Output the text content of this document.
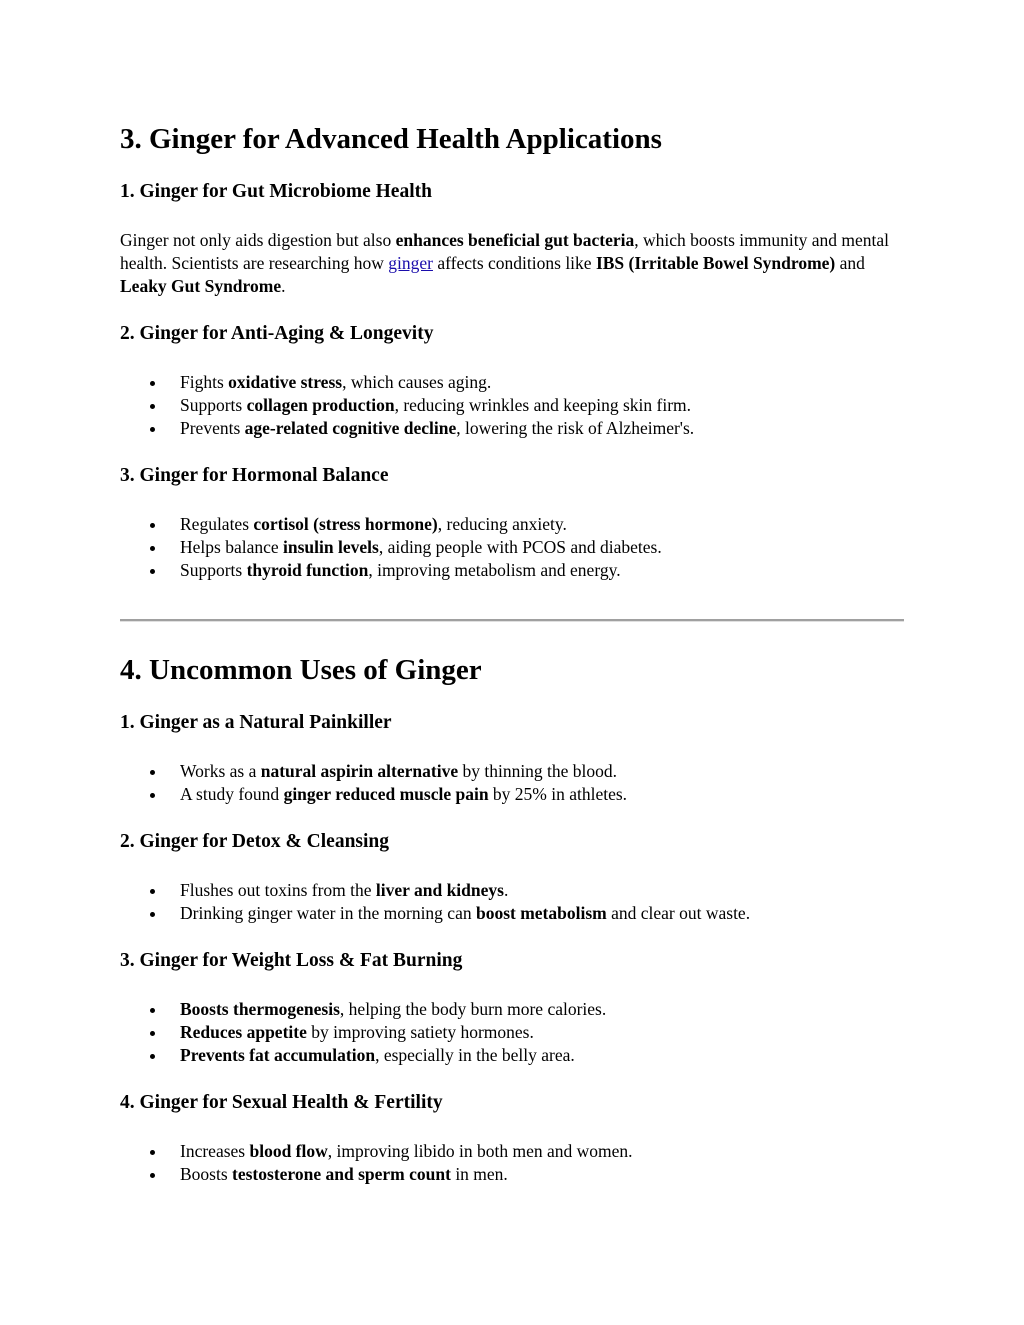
3. Ginger for Advanced Health Applications
1. Ginger for Gut Microbiome Health

Ginger not only aids digestion but also enhances beneficial gut bacteria, which boosts immunity and mental health. Scientists are researching how ginger affects conditions like IBS (Irritable Bowel Syndrome) and Leaky Gut Syndrome.

2. Ginger for Anti-Aging & Longevity
Fights oxidative stress, which causes aging.
Supports collagen production, reducing wrinkles and keeping skin firm.
Prevents age-related cognitive decline, lowering the risk of Alzheimer's.
3. Ginger for Hormonal Balance
Regulates cortisol (stress hormone), reducing anxiety.
Helps balance insulin levels, aiding people with PCOS and diabetes.
Supports thyroid function, improving metabolism and energy.
4. Uncommon Uses of Ginger
1. Ginger as a Natural Painkiller
Works as a natural aspirin alternative by thinning the blood.
A study found ginger reduced muscle pain by 25% in athletes.
2. Ginger for Detox & Cleansing
Flushes out toxins from the liver and kidneys.
Drinking ginger water in the morning can boost metabolism and clear out waste.
3. Ginger for Weight Loss & Fat Burning
Boosts thermogenesis, helping the body burn more calories.
Reduces appetite by improving satiety hormones.
Prevents fat accumulation, especially in the belly area.
4. Ginger for Sexual Health & Fertility
Increases blood flow, improving libido in both men and women.
Boosts testosterone and sperm count in men.
